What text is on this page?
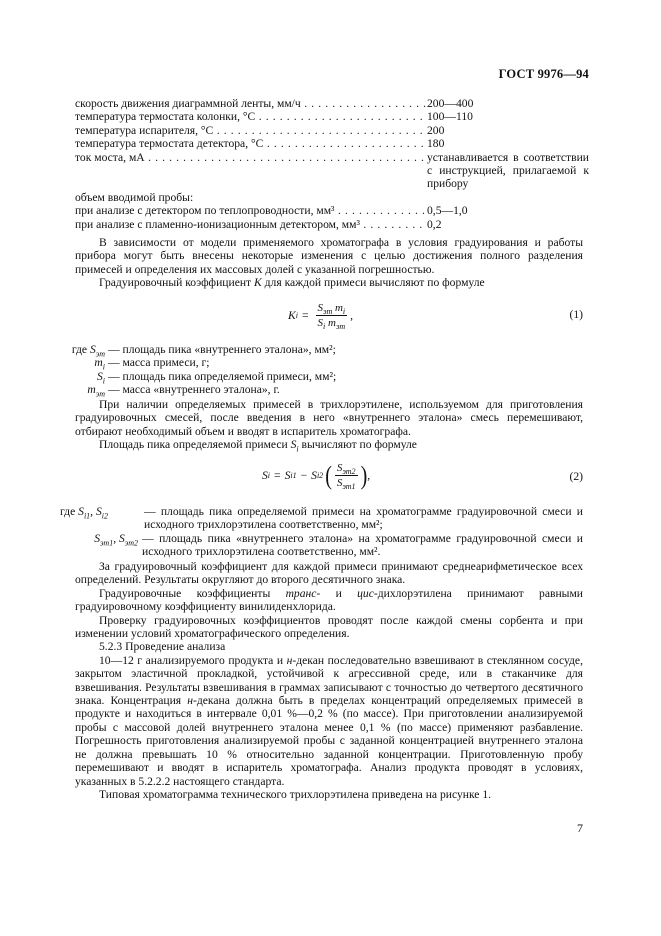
ГОСТ 9976—94
скорость движения диаграммной ленты, мм/ч . . .	200—400
температура термостата колонки, °С . . .	100—110
температура испарителя, °С . . .	200
температура термостата детектора, °С . . .	180
ток моста, мА . . .	устанавливается в соответствии с инструкцией, прилагаемой к прибору
объем вводимой пробы:
при анализе с детектором по теплопроводности, мм³ . . .	0,5—1,0
при анализе с пламенно-ионизационным детектором, мм³ . . .	0,2

В зависимости от модели применяемого хроматографа в условия градуирования и работы прибора могут быть внесены некоторые изменения с целью достижения полного разделения примесей и определения их массовых долей с указанной погрешностью.

Градуировочный коэффициент K для каждой примеси вычисляют по формуле

K $i = \frac{S_{эт} m_i}{S_i m_{эт}}$ ,	(1)
где $S_{эт}$ — площадь пика «внутреннего эталона», мм²;
$m_i$ — масса примеси, г;
$S_i$ — площадь пика определяемой примеси, мм²;
$m_{эт}$ — масса «внутреннего эталона», г.

При наличии определяемых примесей в трихлорэтилене, используемом для приготовления градуировочных смесей, после введения в него «внутреннего эталона» смесь перемешивают, отбирают необходимый объем и вводят в испаритель хроматографа.

Площадь пика определяемой примеси $S_i$ вычисляют по формуле

S i = S i1 − S i2 ( $\frac{S_{эт2}}{S_{эт1}}$ ) ,	(2)
где $S_{i1}$, $S_{i2}$	— площадь пика определяемой примеси на хроматограмме градуировочной смеси и исходного трихлорэтилена соответственно, мм²;
$S_{эт1}$, $S_{эт2}$ — площадь пика «внутреннего эталона» на хроматограмме градуировочной смеси и исходного трихлорэтилена соответственно, мм².

За градуировочный коэффициент для каждой примеси принимают среднеарифметическое всех определений. Результаты округляют до второго десятичного знака.

Градуировочные коэффициенты транс- и цис-дихлорэтилена принимают равными градуировочному коэффициенту винилиденхлорида.

Проверку градуировочных коэффициентов проводят после каждой смены сорбента и при изменении условий хроматографического определения.

5.2.3 Проведение анализа

10—12 г анализируемого продукта и н-декан последовательно взвешивают в стеклянном сосуде, закрытом эластичной прокладкой, устойчивой к агрессивной среде, или в стаканчике для взвешивания. Результаты взвешивания в граммах записывают с точностью до четвертого десятичного знака. Концентрация н-декана должна быть в пределах концентраций определяемых примесей в продукте и находиться в интервале 0,01 %—0,2 % (по массе). При приготовлении анализируемой пробы с массовой долей внутреннего эталона менее 0,1 % (по массе) применяют разбавление. Погрешность приготовления анализируемой пробы с заданной концентрацией внутреннего эталона не должна превышать 10 % относительно заданной концентрации. Приготовленную пробу перемешивают и вводят в испаритель хроматографа. Анализ продукта проводят в условиях, указанных в 5.2.2.2 настоящего стандарта.

Типовая хроматограмма технического трихлорэтилена приведена на рисунке 1.

7
